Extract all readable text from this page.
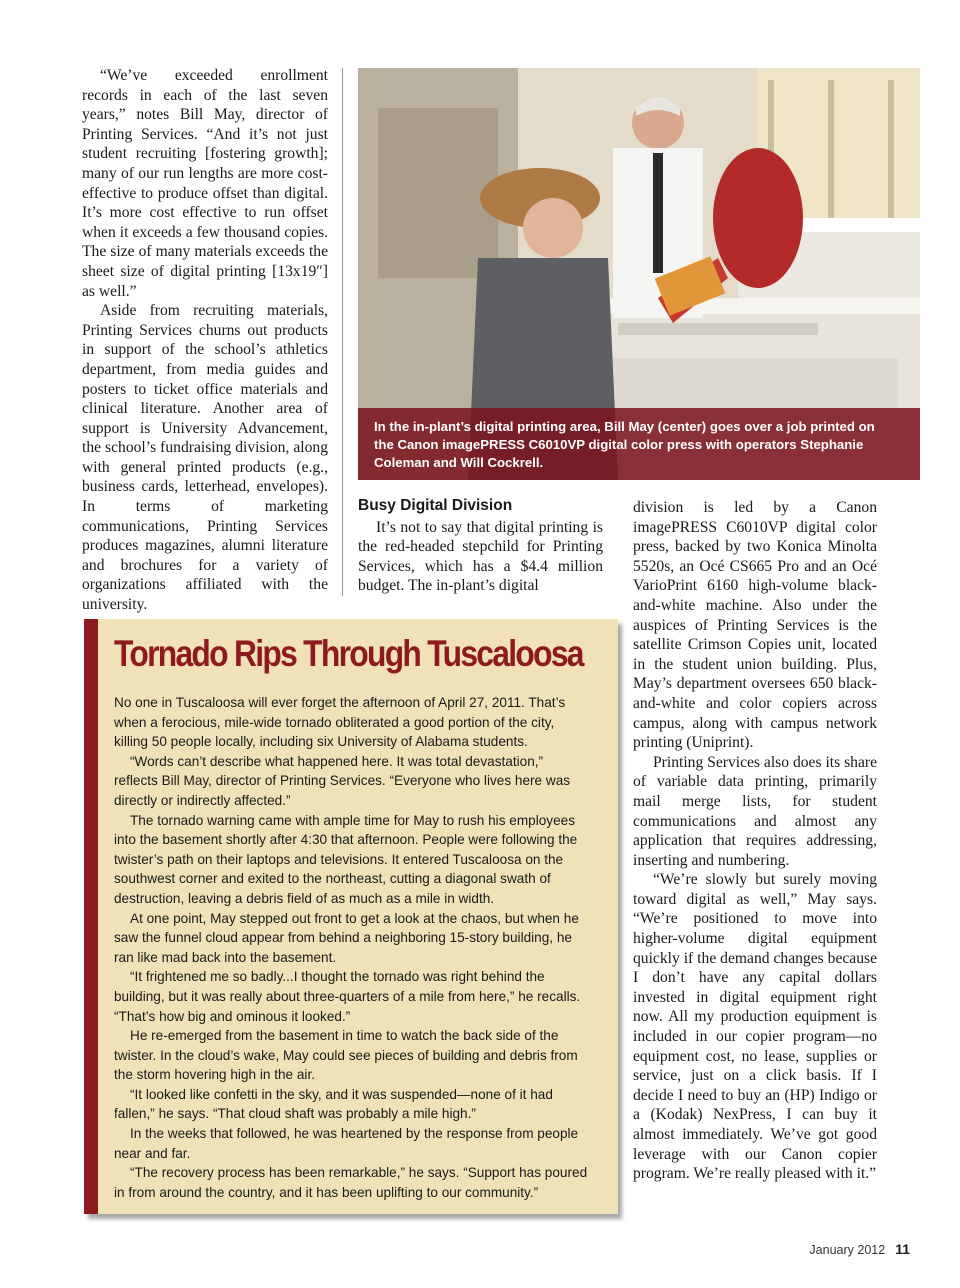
“We’ve exceeded enrollment records in each of the last seven years,” notes Bill May, director of Printing Services. “And it’s not just student recruiting [fostering growth]; many of our run lengths are more cost-effective to produce offset than digital. It’s more cost effective to run offset when it exceeds a few thousand copies. The size of many materials exceeds the sheet size of digital printing [13x19″] as well.”

Aside from recruiting materials, Printing Services churns out products in support of the school’s athletics department, from media guides and posters to ticket office materials and clinical literature. Another area of support is University Advancement, the school’s fundraising division, along with general printed products (e.g., business cards, letterhead, envelopes). In terms of marketing communications, Printing Services produces magazines, alumni literature and brochures for a variety of organizations affiliated with the university.

In the in-plant’s digital printing area, Bill May (center) goes over a job printed on the Canon imagePRESS C6010VP digital color press with operators Stephanie Coleman and Will Cockrell.
Busy Digital Division

It’s not to say that digital printing is the red-headed stepchild for Printing Services, which has a $4.4 million budget. The in-plant’s digital

division is led by a Canon imagePRESS C6010VP digital color press, backed by two Konica Minolta 5520s, an Océ CS665 Pro and an Océ VarioPrint 6160 high-volume black-and-white machine. Also under the auspices of Printing Services is the satellite Crimson Copies unit, located in the student union building. Plus, May’s department oversees 650 black-and-white and color copiers across campus, along with campus network printing (Uniprint).

Printing Services also does its share of variable data printing, primarily mail merge lists, for student communications and almost any application that requires addressing, inserting and numbering.

“We’re slowly but surely moving toward digital as well,” May says. “We’re positioned to move into higher-volume digital equipment quickly if the demand changes because I don’t have any capital dollars invested in digital equipment right now. All my production equipment is included in our copier program—no equipment cost, no lease, supplies or service, just on a click basis. If I decide I need to buy an (HP) Indigo or a (Kodak) NexPress, I can buy it almost immediately. We’ve got good leverage with our Canon copier program. We’re really pleased with it.”

Tornado Rips Through Tuscaloosa

No one in Tuscaloosa will ever forget the afternoon of April 27, 2011. That’s when a ferocious, mile-wide tornado obliterated a good portion of the city, killing 50 people locally, including six University of Alabama students.

“Words can’t describe what happened here. It was total devastation,” reflects Bill May, director of Printing Services. “Everyone who lives here was directly or indirectly affected.”

The tornado warning came with ample time for May to rush his employees into the basement shortly after 4:30 that afternoon. People were following the twister’s path on their laptops and televisions. It entered Tuscaloosa on the southwest corner and exited to the northeast, cutting a diagonal swath of destruction, leaving a debris field of as much as a mile in width.

At one point, May stepped out front to get a look at the chaos, but when he saw the funnel cloud appear from behind a neighboring 15-story building, he ran like mad back into the basement.

“It frightened me so badly...I thought the tornado was right behind the building, but it was really about three-quarters of a mile from here,” he recalls. “That’s how big and ominous it looked.”

He re-emerged from the basement in time to watch the back side of the twister. In the cloud’s wake, May could see pieces of building and debris from the storm hovering high in the air.

“It looked like confetti in the sky, and it was suspended—none of it had fallen,” he says. “That cloud shaft was probably a mile high.”

In the weeks that followed, he was heartened by the response from people near and far.

“The recovery process has been remarkable,” he says. “Support has poured in from around the country, and it has been uplifting to our community.”

January 2012 11
